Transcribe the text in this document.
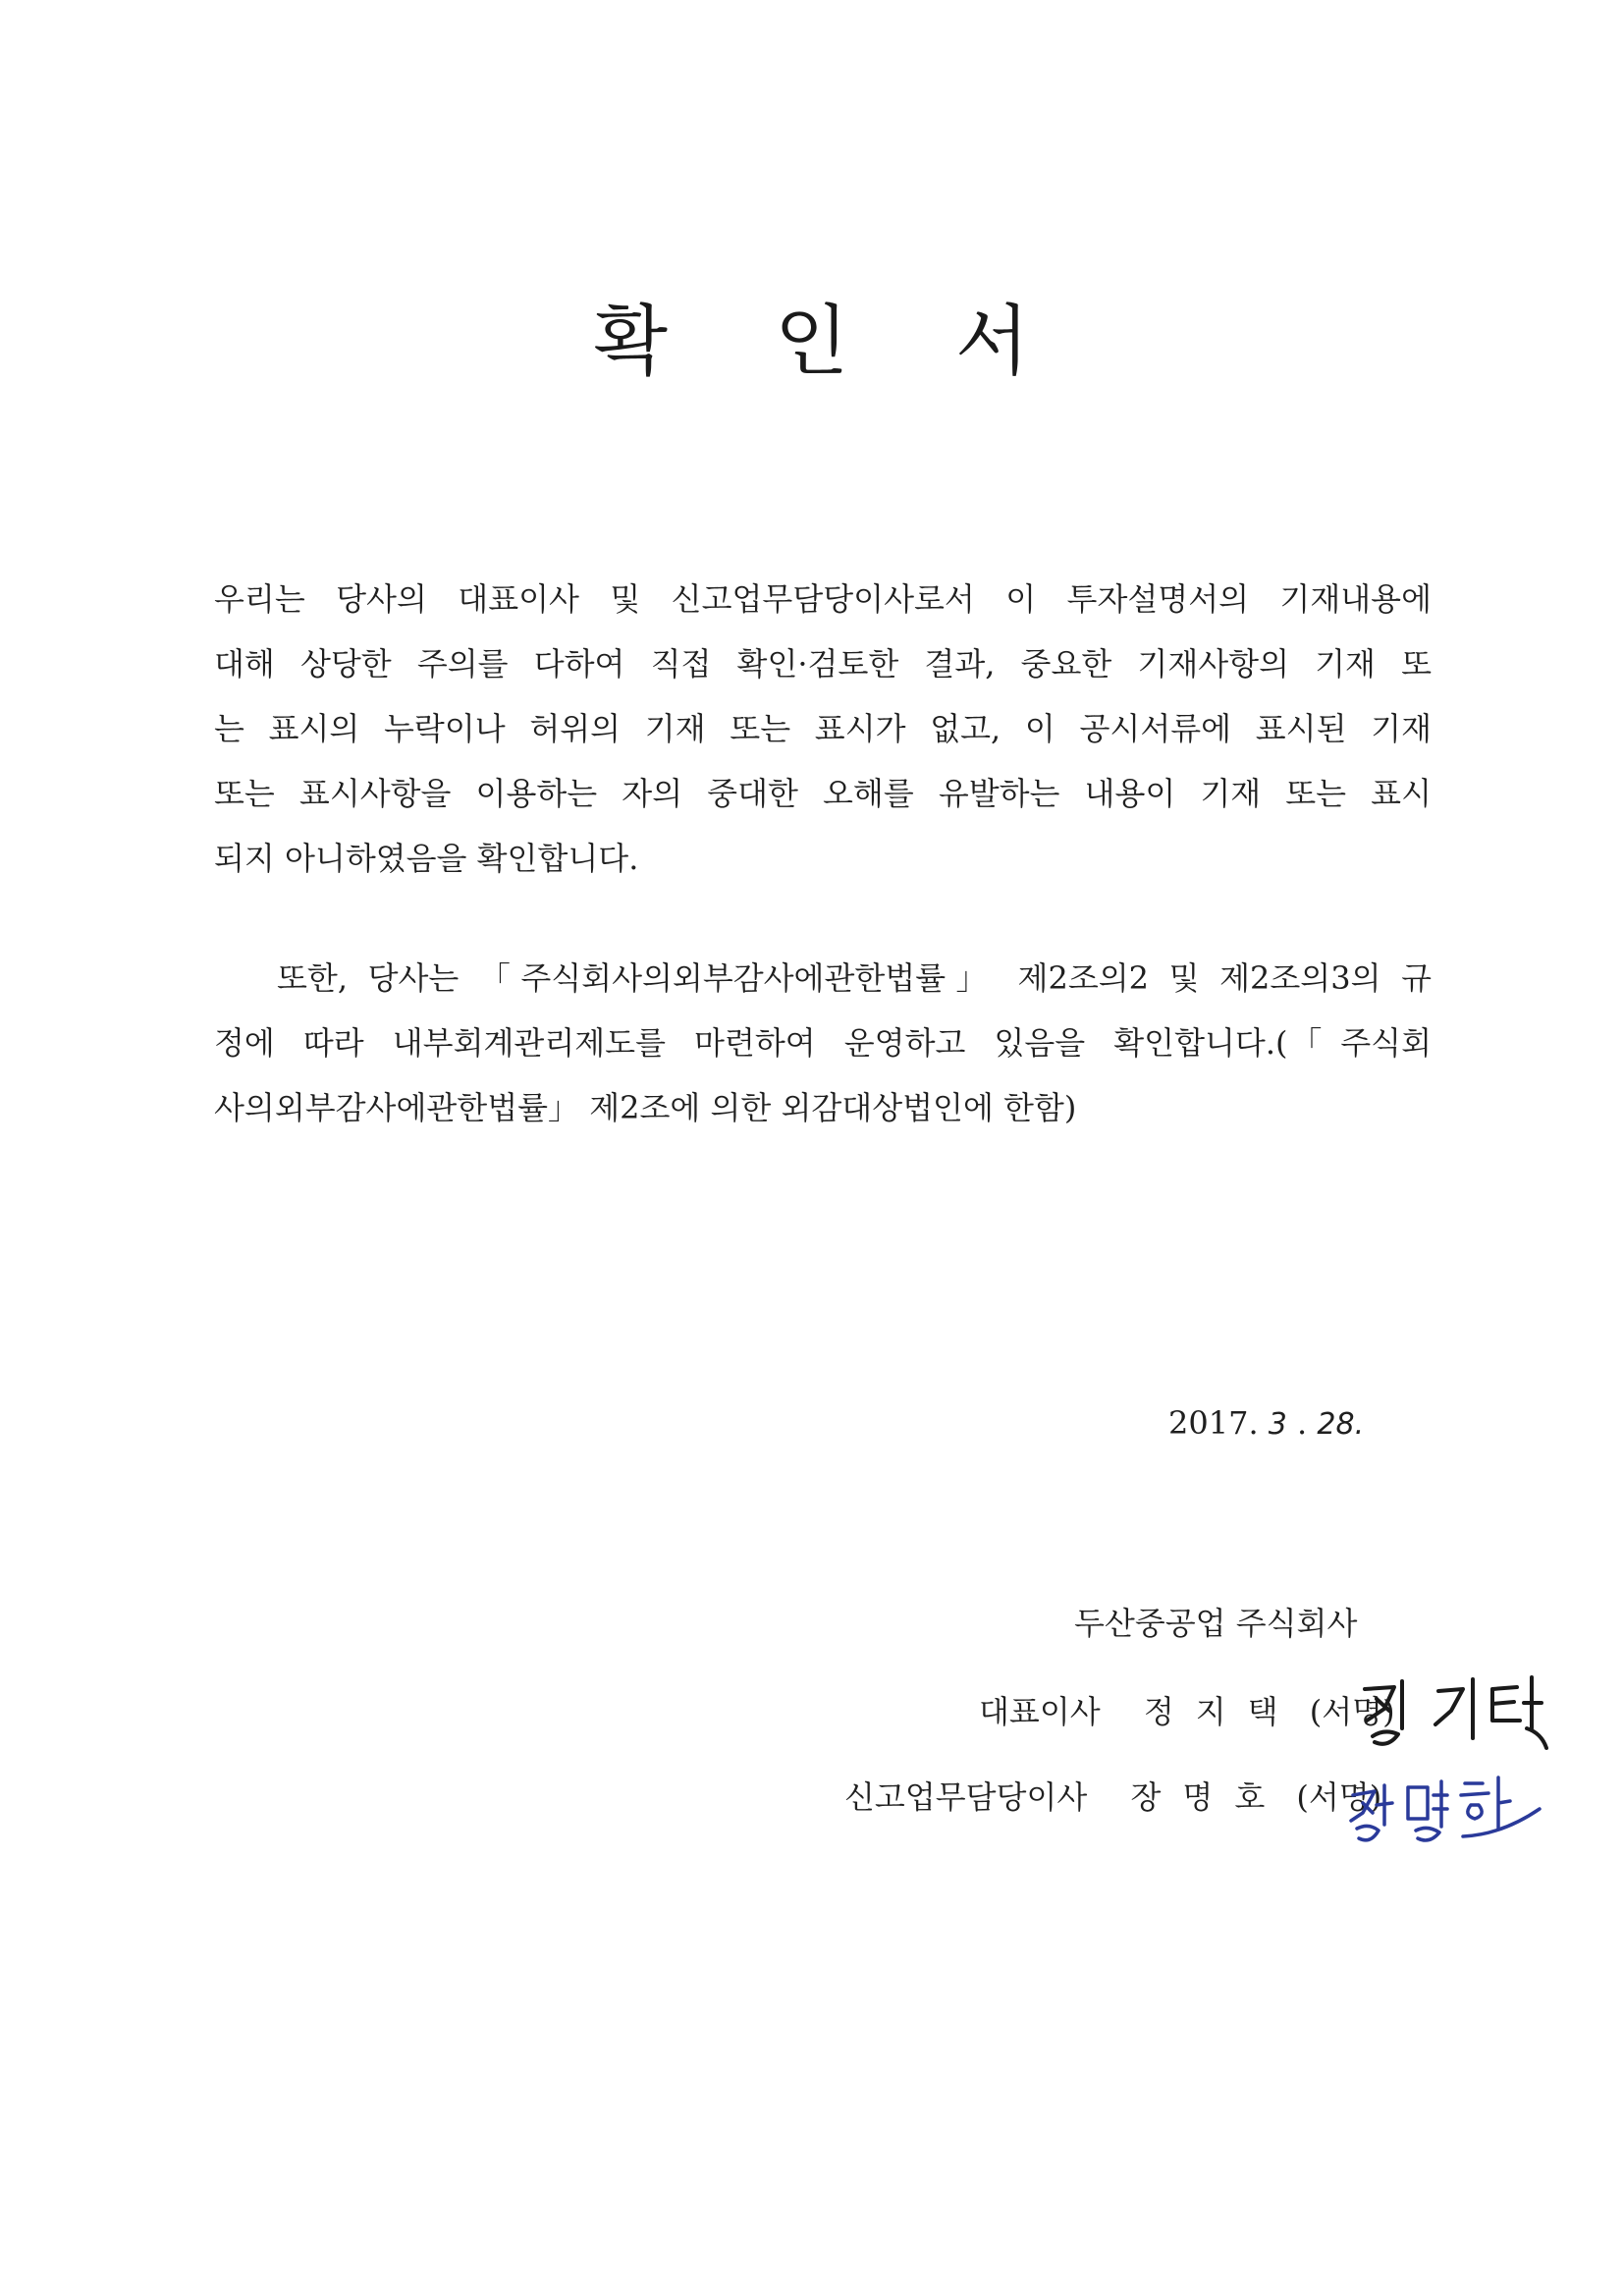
확 인 서
우리는 당사의 대표이사 및 신고업무담당이사로서 이 투자설명서의 기재내용에
대해 상당한 주의를 다하여 직접 확인·검토한 결과, 중요한 기재사항의 기재 또
는 표시의 누락이나 허위의 기재 또는 표시가 없고, 이 공시서류에 표시된 기재
또는 표시사항을 이용하는 자의 중대한 오해를 유발하는 내용이 기재 또는 표시
되지 아니하였음을 확인합니다.
또한, 당사는 「주식회사의외부감사에관한법률」 제2조의2 및 제2조의3의 규
정에 따라 내부회계관리제도를 마련하여 운영하고 있음을 확인합니다.(「주식회
사의외부감사에관한법률」 제2조에 의한 외감대상법인에 한함)
2017. 3 . 28.
두산중공업 주식회사
대표이사 정 지 택 (서명)
신고업무담당이사 장 명 호 (서명)
